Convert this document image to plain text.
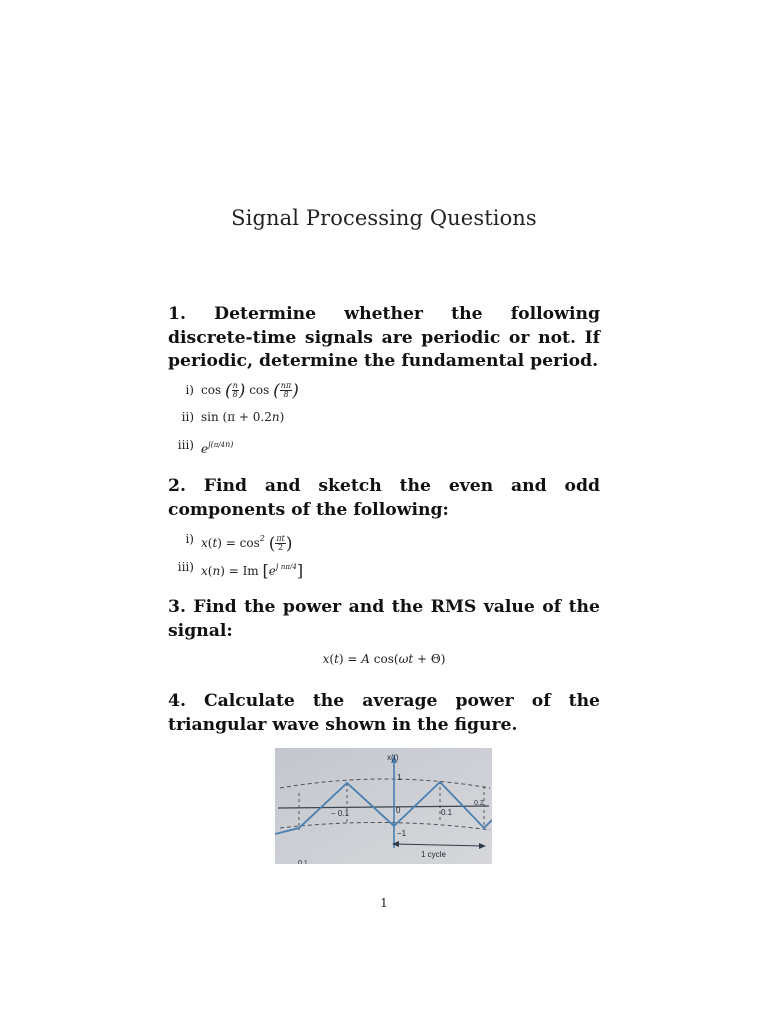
Signal Processing Questions
1. Determine whether the following discrete-time signals are periodic or not. If periodic, determine the fundamental period.
i) cos ( $\frac{n}{8}$ ) cos ( $\frac{n\pi}{8}$ )
ii) sin (π + 0.2n)
iii) $e^{j(\pi/4n)}$
2. Find and sketch the even and odd components of the following:
i) $x(t) = \cos^2$ ( $\frac{\pi t}{2}$ )
iii) x(n) = Im $[e^{j n\pi/4}]$
3. Find the power and the RMS value of the signal:
x(t) = A cos(ωt + Θ)
4. Calculate the average power of the triangular wave shown in the figure.
x(t)
1
−1
− 0.1	0	0.1
0.2
1 cycle
0.1
1
